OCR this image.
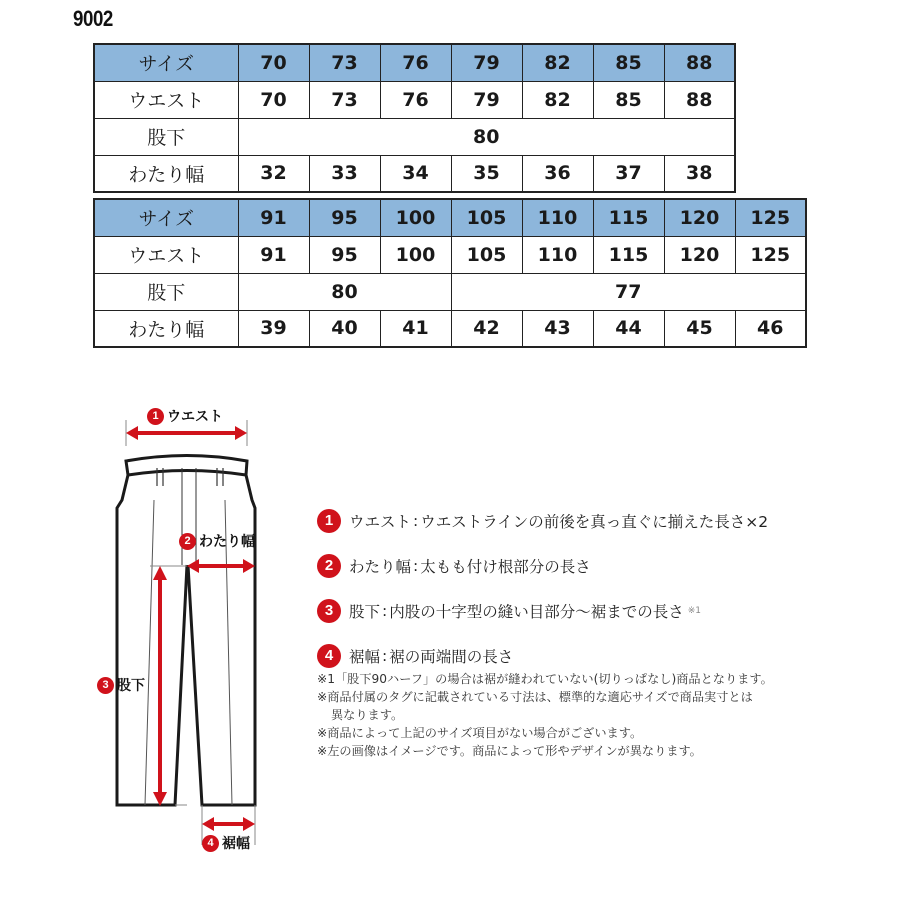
9002
サイズ	70	73	76	79	82	85	88
ウエスト	70	73	76	79	82	85	88
股下	80						
わたり幅	32	33	34	35	36	37	38
サイズ	91	95	100	105	110	115	120	125
ウエスト	91	95	100	105	110	115	120	125
股下	80			77				
わたり幅	39	40	41	42	43	44	45	46
1 ウエスト
2 わたり幅
3 股下
4 裾幅
1	ウエスト : ウエストラインの前後を真っ直ぐに揃えた長さ×2
2	わたり幅 : 太もも付け根部分の長さ
3	股下 : 内股の十字型の縫い目部分～裾までの長さ ※1
4	裾幅 : 裾の両端間の長さ
※1「股下90ハーフ」の場合は裾が縫われていない(切りっぱなし)商品となります。
※商品付属のタグに記載されている寸法は、標準的な適応サイズで商品実寸とは
異なります。
※商品によって上記のサイズ項目がない場合がございます。
※左の画像はイメージです。商品によって形やデザインが異なります。
